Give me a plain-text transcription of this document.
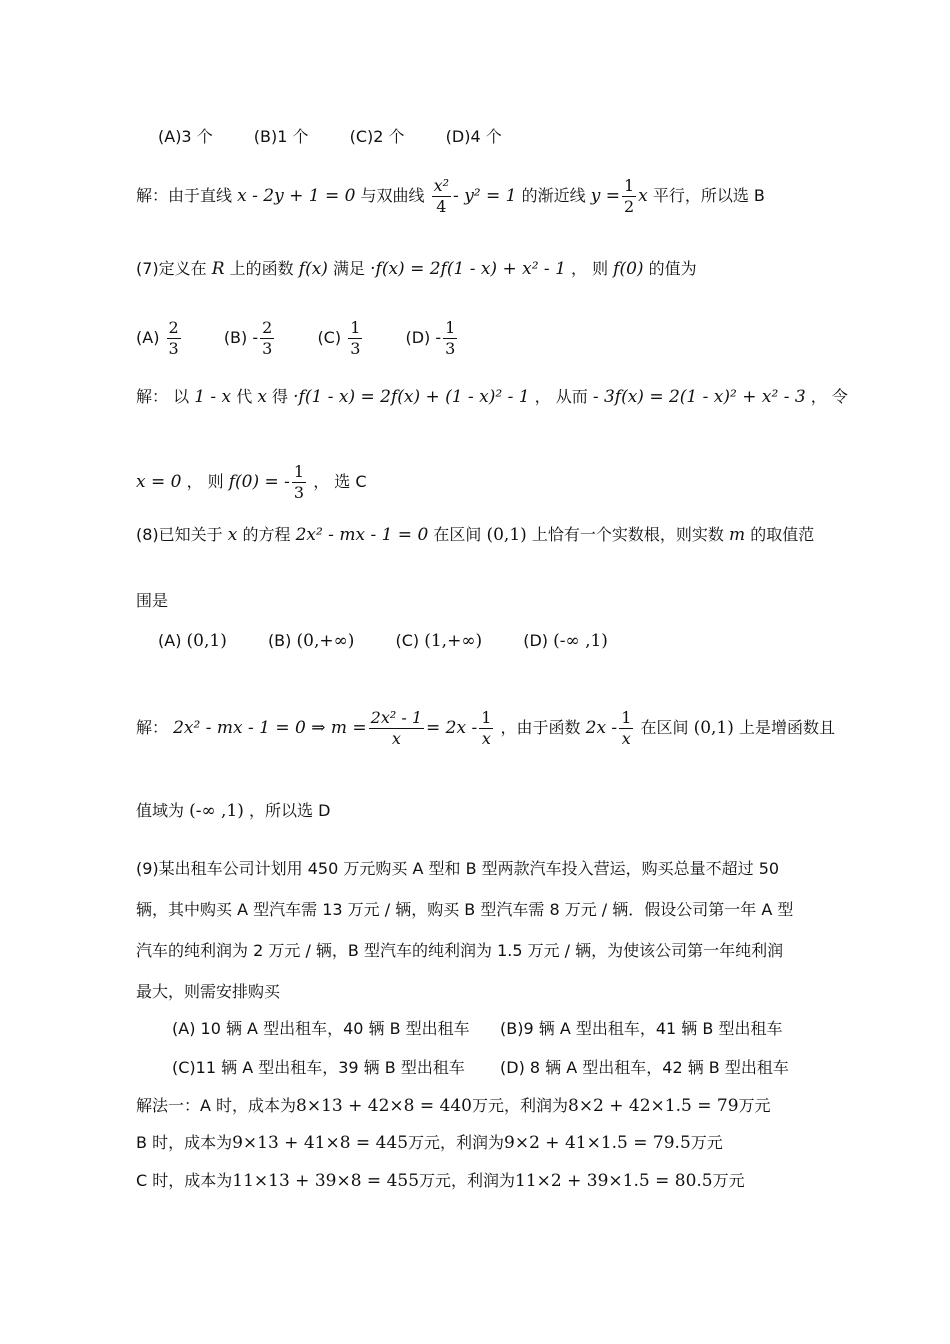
(A)3 个	(B)1 个	(C)2 个	(D)4 个
解：由于直线 x - 2y + 1 = 0 与双曲线 $\frac{\text{x²}}{4} - y^2 = 1$ 的渐近线 $y = \frac{1}{2}$ x 平行，所以选 B
(7)定义在 R 上的函数 f(x) 满足 ·f(x) = 2f(1 - x) + x² - 1 ， 则 f(0) 的值为
$(A) \frac{2}{3}$	$(B) - \frac{2}{3}$	$(C) \frac{1}{3}$	$(D) - \frac{1}{3}$
解： 以 1 - x 代 x 得 ·f(1 - x) = 2f(x) + (1 - x)² - 1 ， 从而 - 3f(x) = 2(1 - x)² + x² - 3 ， 令
x = 0 ， 则 f(0) = - $\frac{1}{3}$ ， 选 C
(8)已知关于 x 的方程 2x² - mx - 1 = 0 在区间 (0,1) 上恰有一个实数根，则实数 m 的取值范
围是
(A) (0,1)	(B) (0,+∞)	(C) (1,+∞)	(D) (-∞ ,1)
解： 2x² - mx - 1 = 0 ⇒ $m = \frac{\text{2x² - 1}}{x} = 2x - \frac{1}{x}$ ，由于函数 $2x - \frac{1}{x}$ 在区间 (0,1) 上是增函数且
值域为 (-∞ ,1) ，所以选 D
(9)某出租车公司计划用 450 万元购买 A 型和 B 型两款汽车投入营运，购买总量不超过 50
辆，其中购买 A 型汽车需 13 万元 / 辆，购买 B 型汽车需 8 万元 / 辆．假设公司第一年 A 型
汽车的纯利润为 2 万元 / 辆，B 型汽车的纯利润为 1.5 万元 / 辆，为使该公司第一年纯利润
最大，则需安排购买
(A) 10 辆 A 型出租车，40 辆 B 型出租车 (B)9 辆 A 型出租车，41 辆 B 型出租车
(C)11 辆 A 型出租车，39 辆 B 型出租车 (D) 8 辆 A 型出租车，42 辆 B 型出租车
解法一：A 时，成本为8×13 + 42×8 = 440万元，利润为8×2 + 42×1.5 = 79万元
B 时，成本为9×13 + 41×8 = 445万元，利润为9×2 + 41×1.5 = 79.5万元
C 时，成本为11×13 + 39×8 = 455万元，利润为11×2 + 39×1.5 = 80.5万元
